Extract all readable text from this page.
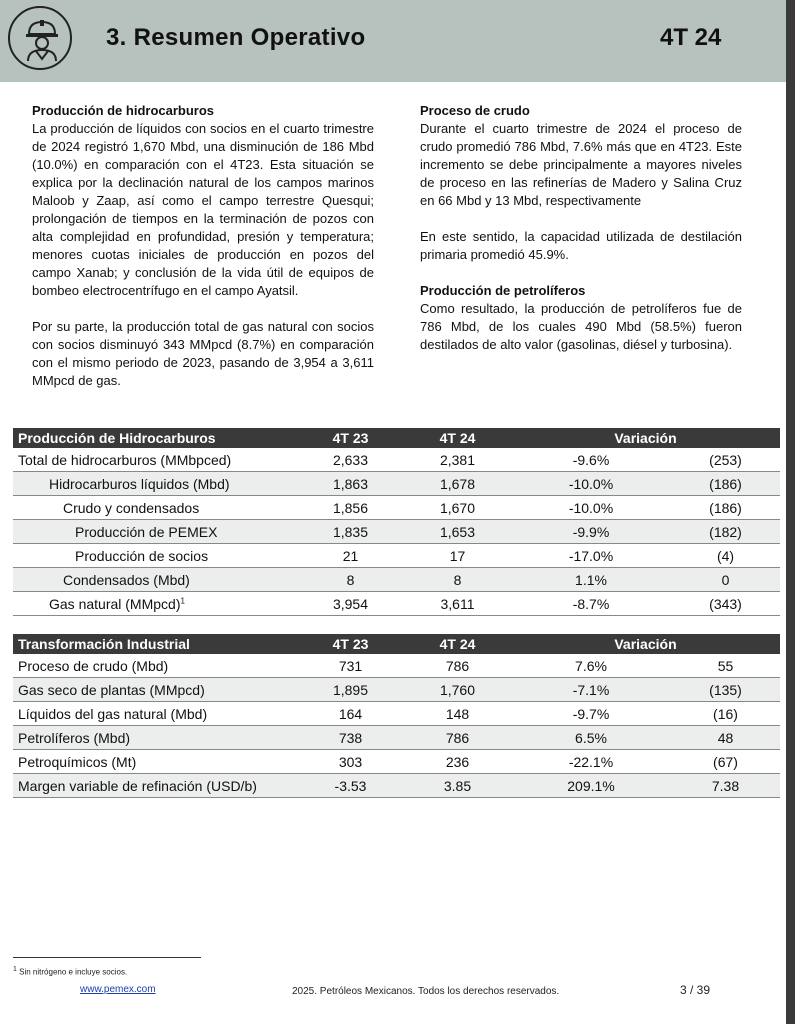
3. Resumen Operativo	4T 24
Producción de hidrocarburos

La producción de líquidos con socios en el cuarto trimestre de 2024 registró 1,670 Mbd, una disminución de 186 Mbd (10.0%) en comparación con el 4T23. Esta situación se explica por la declinación natural de los campos marinos Maloob y Zaap, así como el campo terrestre Quesqui; prolongación de tiempos en la terminación de pozos con alta complejidad en profundidad, presión y temperatura; menores cuotas iniciales de producción en pozos del campo Xanab; y conclusión de la vida útil de equipos de bombeo electrocentrífugo en el campo Ayatsil.

Por su parte, la producción total de gas natural con socios con socios disminuyó 343 MMpcd (8.7%) en comparación con el mismo periodo de 2023, pasando de 3,954 a 3,611 MMpcd de gas.

Proceso de crudo

Durante el cuarto trimestre de 2024 el proceso de crudo promedió 786 Mbd, 7.6% más que en 4T23. Este incremento se debe principalmente a mayores niveles de proceso en las refinerías de Madero y Salina Cruz en 66 Mbd y 13 Mbd, respectivamente

En este sentido, la capacidad utilizada de destilación primaria promedió 45.9%.

Producción de petrolíferos

Como resultado, la producción de petrolíferos fue de 786 Mbd, de los cuales 490 Mbd (58.5%) fueron destilados de alto valor (gasolinas, diésel y turbosina).

Producción de Hidrocarburos	4T 23	4T 24	Variación	
Total de hidrocarburos (MMbpced)	2,633	2,381	-9.6%	(253)
Hidrocarburos líquidos (Mbd)	1,863	1,678	-10.0%	(186)
Crudo y condensados	1,856	1,670	-10.0%	(186)
Producción de PEMEX	1,835	1,653	-9.9%	(182)
Producción de socios	21	17	-17.0%	(4)
Condensados (Mbd)	8	8	1.1%	0
Gas natural (MMpcd)$^1$	3,954	3,611	-8.7%	(343)
Transformación Industrial	4T 23	4T 24	Variación	
Proceso de crudo (Mbd)	731	786	7.6%	55
Gas seco de plantas (MMpcd)	1,895	1,760	-7.1%	(135)
Líquidos del gas natural (Mbd)	164	148	-9.7%	(16)
Petrolíferos (Mbd)	738	786	6.5%	48
Petroquímicos (Mt)	303	236	-22.1%	(67)
Margen variable de refinación (USD/b)	-3.53	3.85	209.1%	7.38
$^1$ Sin nitrógeno e incluye socios.
www.pemex.com	2025. Petróleos Mexicanos. Todos los derechos reservados.	3 / 39
